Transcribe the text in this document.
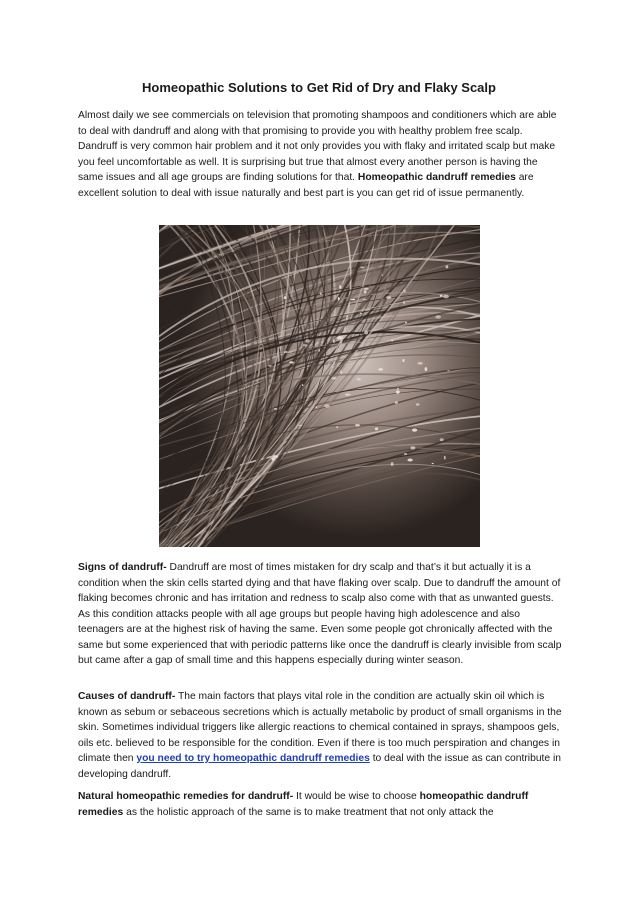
Homeopathic Solutions to Get Rid of Dry and Flaky Scalp

Almost daily we see commercials on television that promoting shampoos and conditioners which are able to deal with dandruff and along with that promising to provide you with healthy problem free scalp. Dandruff is very common hair problem and it not only provides you with flaky and irritated scalp but make you feel uncomfortable as well. It is surprising but true that almost every another person is having the same issues and all age groups are finding solutions for that. Homeopathic dandruff remedies are excellent solution to deal with issue naturally and best part is you can get rid of issue permanently.

Signs of dandruff- Dandruff are most of times mistaken for dry scalp and that’s it but actually it is a condition when the skin cells started dying and that have flaking over scalp. Due to dandruff the amount of flaking becomes chronic and has irritation and redness to scalp also come with that as unwanted guests. As this condition attacks people with all age groups but people having high adolescence and also teenagers are at the highest risk of having the same. Even some people got chronically affected with the same but some experienced that with periodic patterns like once the dandruff is clearly invisible from scalp but came after a gap of small time and this happens especially during winter season.

Causes of dandruff- The main factors that plays vital role in the condition are actually skin oil which is known as sebum or sebaceous secretions which is actually metabolic by product of small organisms in the skin. Sometimes individual triggers like allergic reactions to chemical contained in sprays, shampoos gels, oils etc. believed to be responsible for the condition. Even if there is too much perspiration and changes in climate then you need to try homeopathic dandruff remedies to deal with the issue as can contribute in developing dandruff.

Natural homeopathic remedies for dandruff- It would be wise to choose homeopathic dandruff remedies as the holistic approach of the same is to make treatment that not only attack the
